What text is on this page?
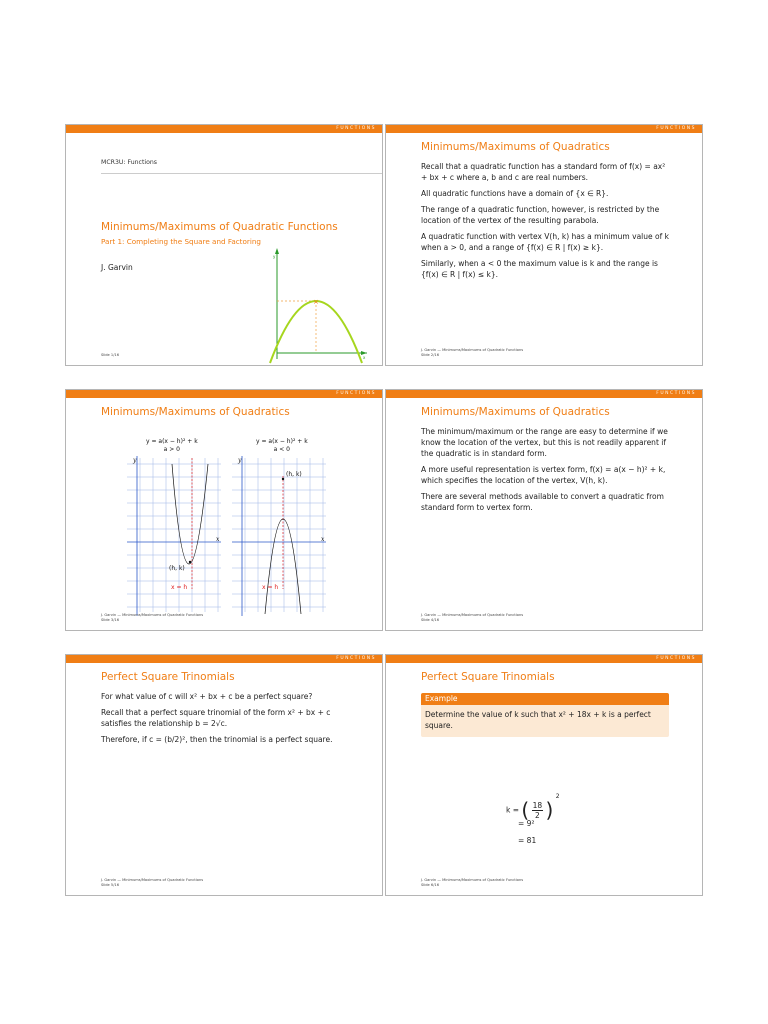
FUNCTIONS
MCR3U: Functions
Minimums/Maximums of Quadratic Functions
Part 1: Completing the Square and Factoring
J. Garvin
×
y
x
Slide 1/16
FUNCTIONS
Minimums/Maximums of Quadratics

Recall that a quadratic function has a standard form of f(x) = ax² + bx + c where a, b and c are real numbers.

All quadratic functions have a domain of {x ∈ R}.

The range of a quadratic function, however, is restricted by the location of the vertex of the resulting parabola.

A quadratic function with vertex V(h, k) has a minimum value of k when a > 0, and a range of {f(x) ∈ R | f(x) ≥ k}.

Similarly, when a < 0 the maximum value is k and the range is {f(x) ∈ R | f(x) ≤ k}.

J. Garvin — Minimums/Maximums of Quadratic Functions
Slide 2/16
FUNCTIONS
Minimums/Maximums of Quadratics
y = a(x − h)² + k
a > 0
y = a(x − h)² + k
a < 0
y
x
(h, k)
x = h
y
x
(h, k)
x = h
J. Garvin — Minimums/Maximums of Quadratic Functions
Slide 3/16
FUNCTIONS
Minimums/Maximums of Quadratics

The minimum/maximum or the range are easy to determine if we know the location of the vertex, but this is not readily apparent if the quadratic is in standard form.

A more useful representation is vertex form, f(x) = a(x − h)² + k, which specifies the location of the vertex, V(h, k).

There are several methods available to convert a quadratic from standard form to vertex form.

J. Garvin — Minimums/Maximums of Quadratic Functions
Slide 4/16
FUNCTIONS
Perfect Square Trinomials

For what value of c will x² + bx + c be a perfect square?

Recall that a perfect square trinomial of the form x² + bx + c satisfies the relationship b = 2√c.

Therefore, if c = (b/2)², then the trinomial is a perfect square.

J. Garvin — Minimums/Maximums of Quadratic Functions
Slide 5/16
FUNCTIONS
Perfect Square Trinomials
Example
Determine the value of k such that x² + 18x + k is a perfect square.
k = ( $\frac{18}{2}$ ) $^2$
= 9²
= 81
J. Garvin — Minimums/Maximums of Quadratic Functions
Slide 6/16
